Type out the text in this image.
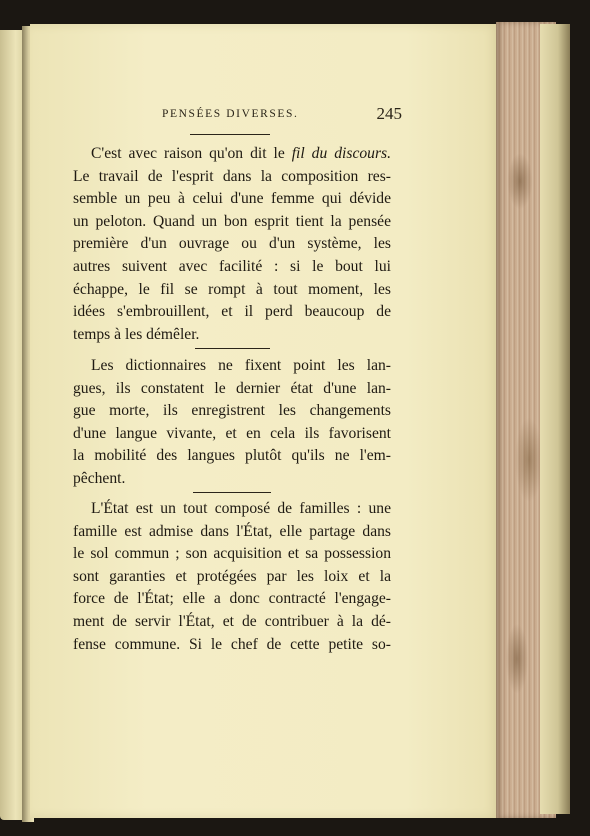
PENSÉES DIVERSES.	245
C'est avec raison qu'on dit le fil du discours.
Le travail de l'esprit dans la composition res-
semble un peu à celui d'une femme qui dévide
un peloton. Quand un bon esprit tient la pensée
première d'un ouvrage ou d'un système, les
autres suivent avec facilité : si le bout lui
échappe, le fil se rompt à tout moment, les
idées s'embrouillent, et il perd beaucoup de
temps à les démêler.
Les dictionnaires ne fixent point les lan-
gues, ils constatent le dernier état d'une lan-
gue morte, ils enregistrent les changements
d'une langue vivante, et en cela ils favorisent
la mobilité des langues plutôt qu'ils ne l'em-
pêchent.
L'État est un tout composé de familles : une
famille est admise dans l'État, elle partage dans
le sol commun ; son acquisition et sa possession
sont garanties et protégées par les loix et la
force de l'État; elle a donc contracté l'engage-
ment de servir l'État, et de contribuer à la dé-
fense commune. Si le chef de cette petite so-
